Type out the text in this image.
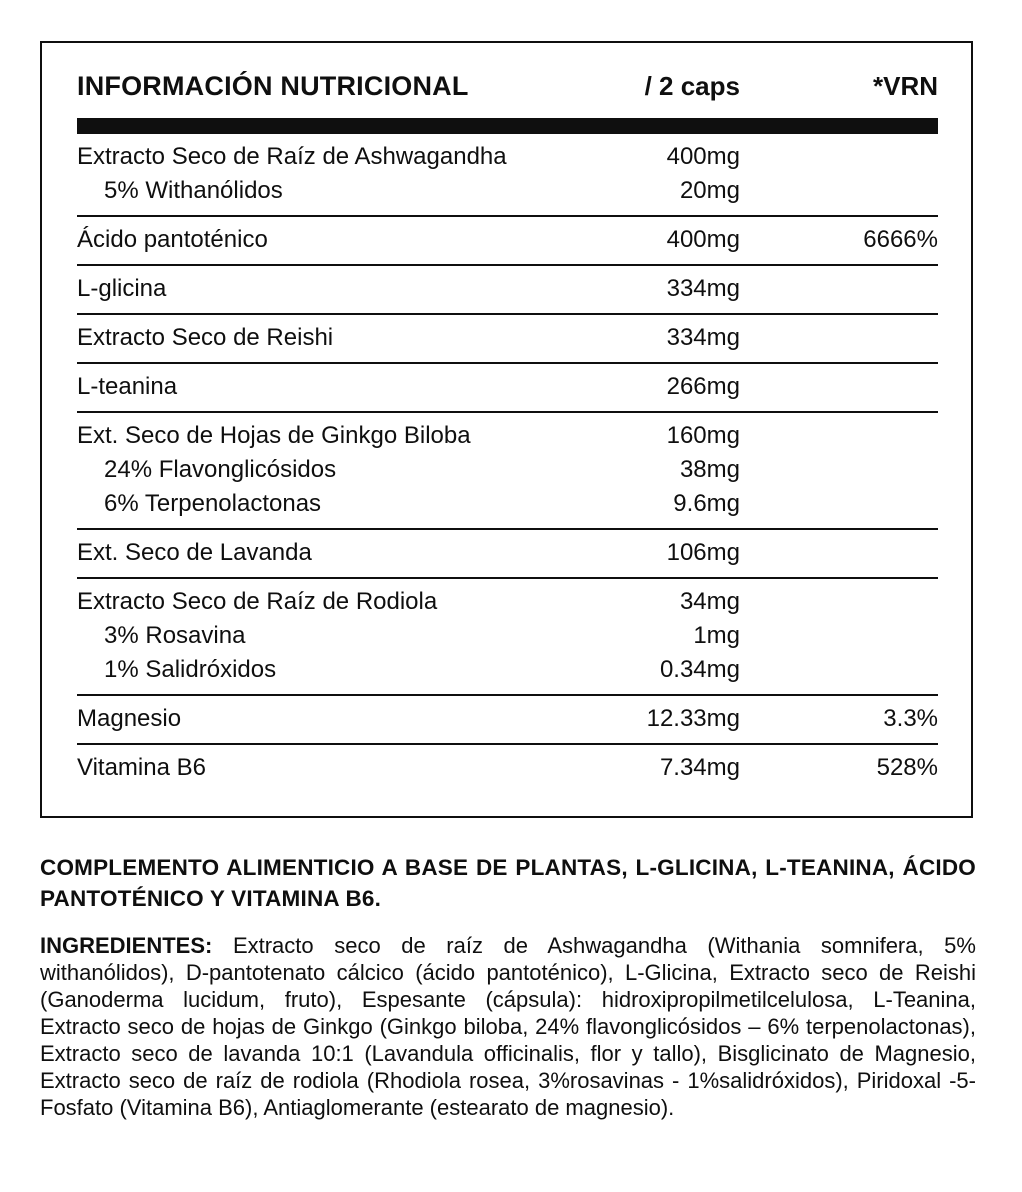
INFORMACIÓN NUTRICIONAL	/ 2 caps	*VRN
Extracto Seco de Raíz de Ashwagandha	400mg
5% Withanólidos	20mg
Ácido pantoténico	400mg	6666%
L-glicina	334mg
Extracto Seco de Reishi	334mg
L-teanina	266mg
Ext. Seco de Hojas de Ginkgo Biloba	160mg
24% Flavonglicósidos	38mg
6% Terpenolactonas	9.6mg
Ext. Seco de Lavanda	106mg
Extracto Seco de Raíz de Rodiola	34mg
3% Rosavina	1mg
1% Salidróxidos	0.34mg
Magnesio	12.33mg	3.3%
Vitamina B6	7.34mg	528%

COMPLEMENTO ALIMENTICIO A BASE DE PLANTAS, L-GLICINA, L-TEANINA, ÁCIDO PANTOTÉNICO Y VITAMINA B6.

INGREDIENTES: Extracto seco de raíz de Ashwagandha (Withania somnifera, 5% withanólidos), D-pantotenato cálcico (ácido pantoténico), L-Glicina, Extracto seco de Reishi (Ganoderma lucidum, fruto), Espesante (cápsula): hidroxipropilmetilcelulosa, L-Teanina, Extracto seco de hojas de Ginkgo (Ginkgo biloba, 24% flavonglicósidos – 6% terpenolactonas), Extracto seco de lavanda 10:1 (Lavandula officinalis, flor y tallo), Bisglicinato de Magnesio, Extracto seco de raíz de rodiola (Rhodiola rosea, 3%rosavinas - 1%salidróxidos), Piridoxal -5-Fosfato (Vitamina B6), Antiaglomerante (estearato de magnesio).
